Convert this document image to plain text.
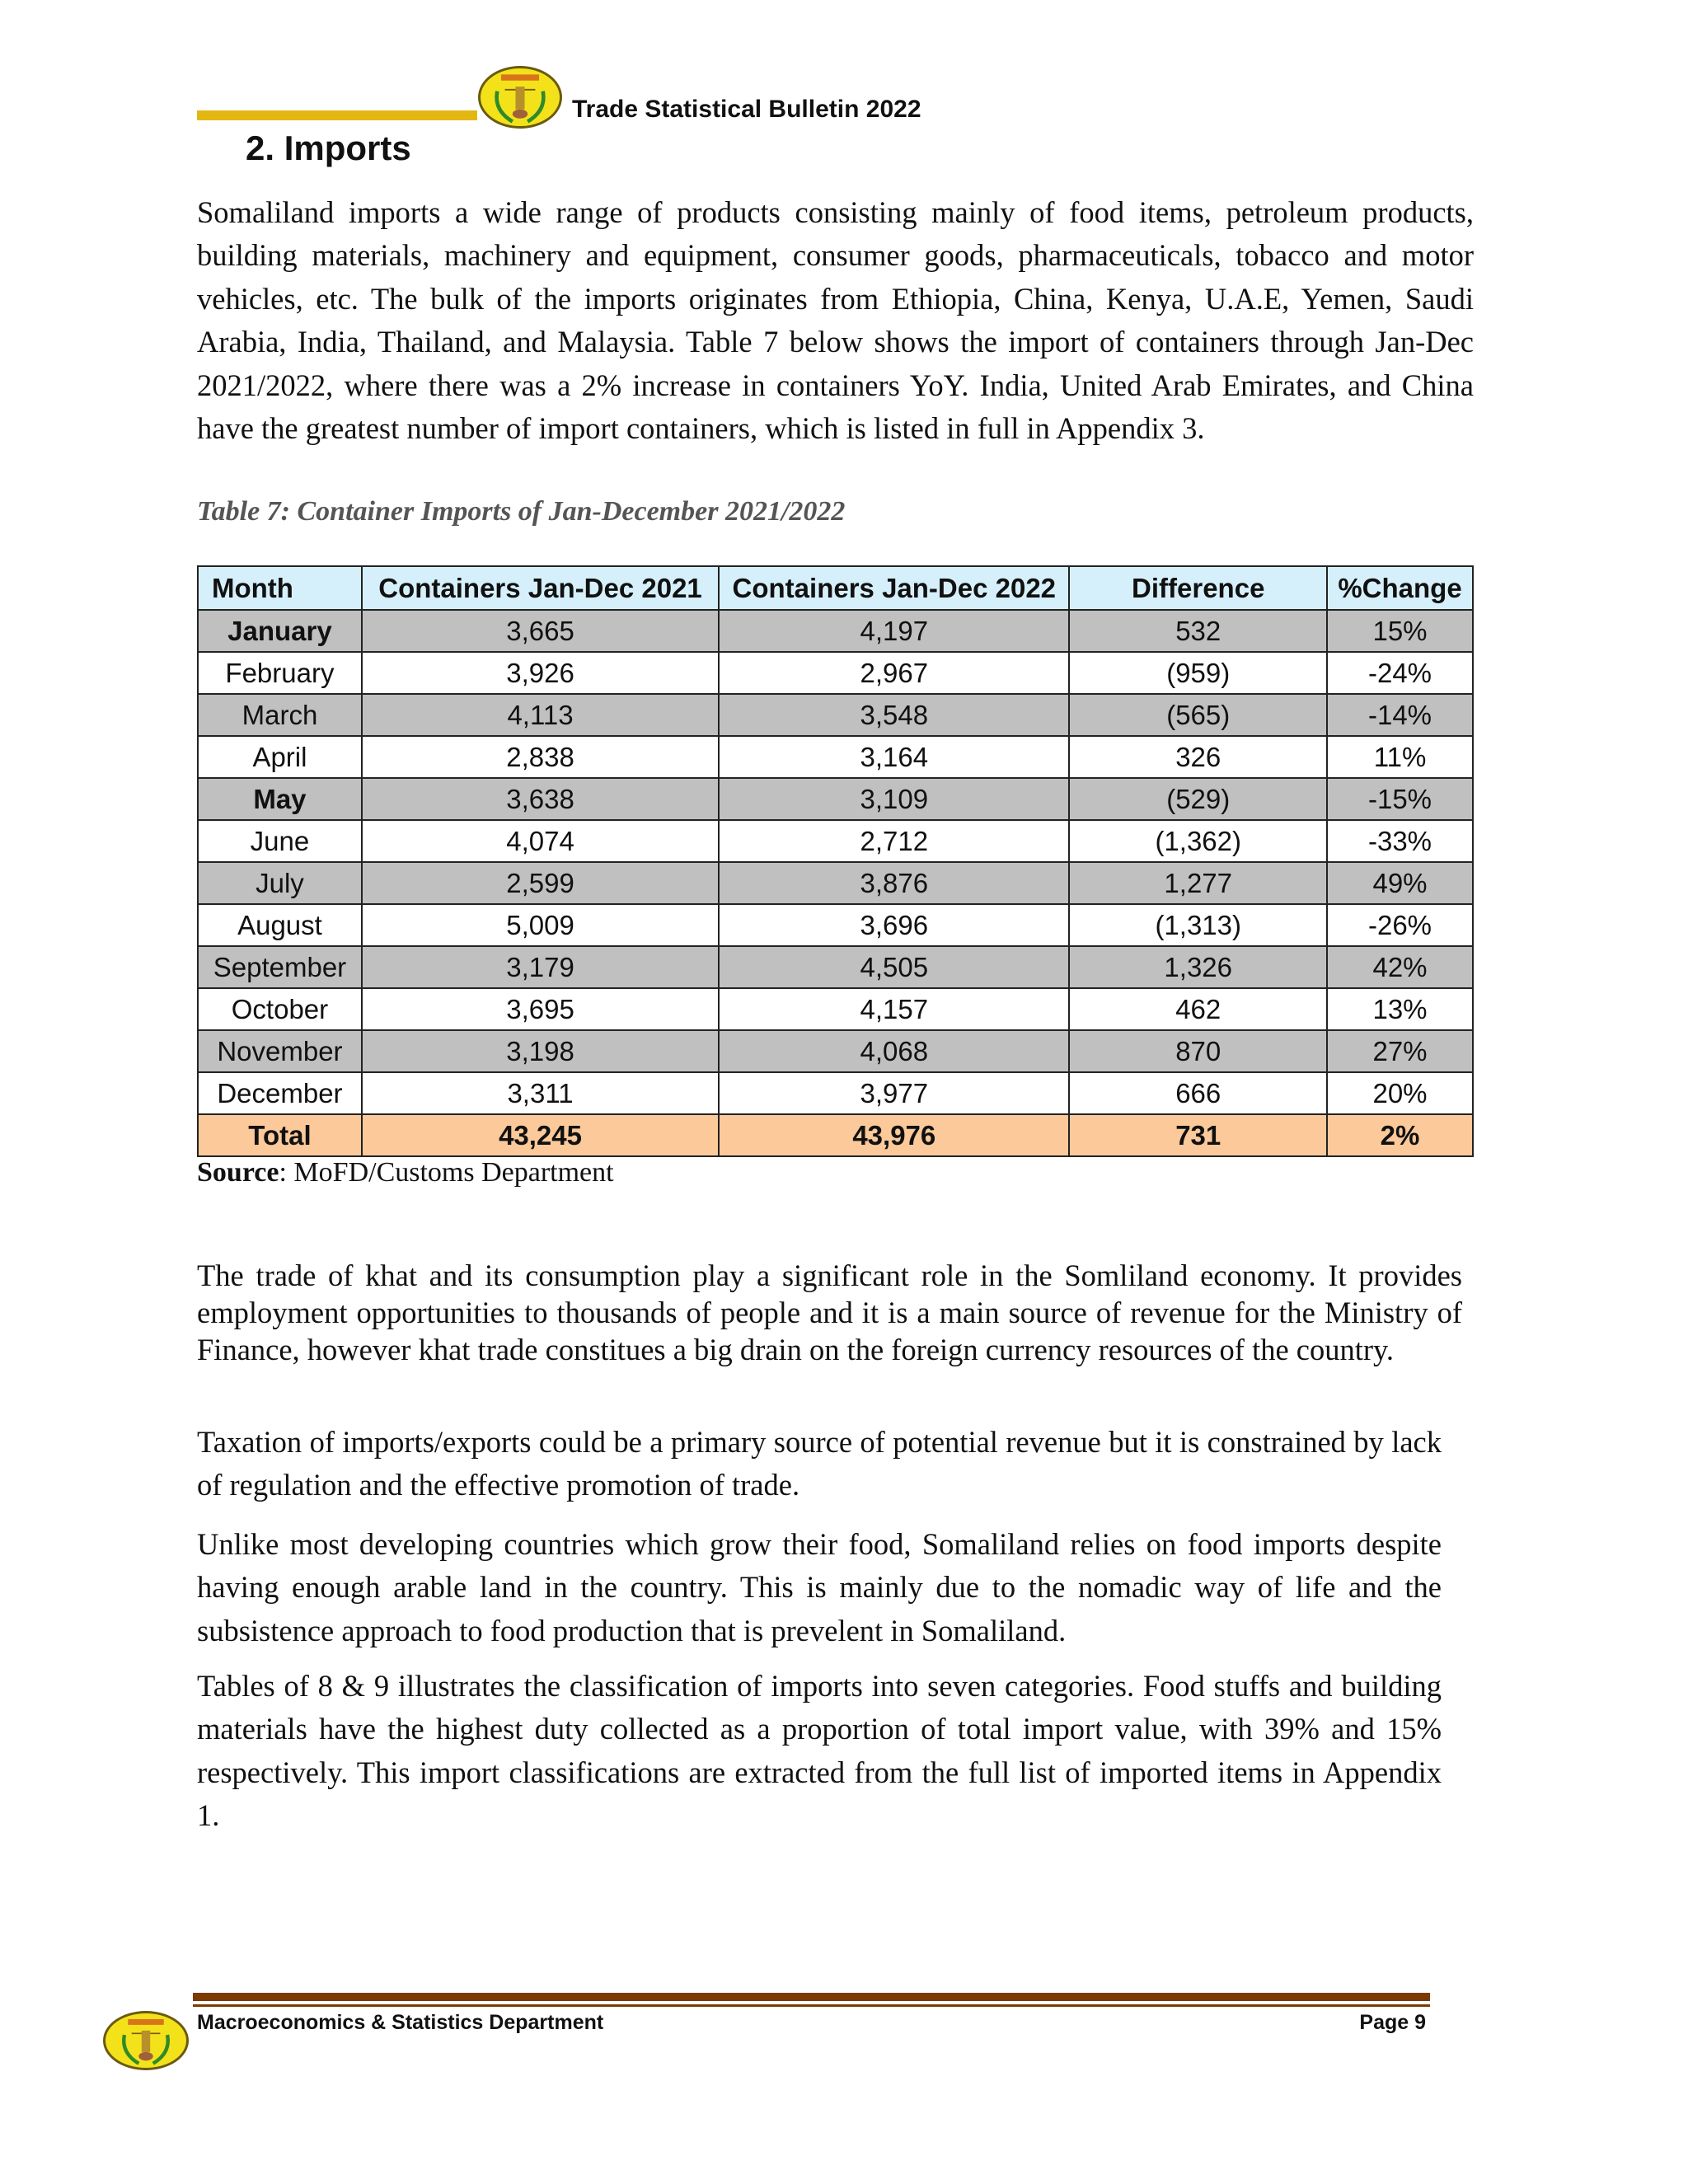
Trade Statistical Bulletin 2022
2. Imports

Somaliland imports a wide range of products consisting mainly of food items, petroleum products, building materials, machinery and equipment, consumer goods, pharmaceuticals, tobacco and motor vehicles, etc. The bulk of the imports originates from Ethiopia, China, Kenya, U.A.E, Yemen, Saudi Arabia, India, Thailand, and Malaysia. Table 7 below shows the import of containers through Jan-Dec 2021/2022, where there was a 2% increase in containers YoY. India, United Arab Emirates, and China have the greatest number of import containers, which is listed in full in Appendix 3.

Table 7: Container Imports of Jan-December 2021/2022
Month	Containers Jan-Dec 2021	Containers Jan-Dec 2022	Difference	%Change
January	3,665	4,197	532	15%
February	3,926	2,967	(959)	-24%
March	4,113	3,548	(565)	-14%
April	2,838	3,164	326	11%
May	3,638	3,109	(529)	-15%
June	4,074	2,712	(1,362)	-33%
July	2,599	3,876	1,277	49%
August	5,009	3,696	(1,313)	-26%
September	3,179	4,505	1,326	42%
October	3,695	4,157	462	13%
November	3,198	4,068	870	27%
December	3,311	3,977	666	20%
Total	43,245	43,976	731	2%
Source: MoFD/Customs Department

The trade of khat and its consumption play a significant role in the Somliland economy. It provides employment opportunities to thousands of people and it is a main source of revenue for the Ministry of Finance, however khat trade constitues a big drain on the foreign currency resources of the country.

Taxation of imports/exports could be a primary source of potential revenue but it is constrained by lack of regulation and the effective promotion of trade.

Unlike most developing countries which grow their food, Somaliland relies on food imports despite having enough arable land in the country. This is mainly due to the nomadic way of life and the subsistence approach to food production that is prevelent in Somaliland.

Tables of 8 & 9 illustrates the classification of imports into seven categories. Food stuffs and building materials have the highest duty collected as a proportion of total import value, with 39% and 15% respectively. This import classifications are extracted from the full list of imported items in Appendix 1.

Macroeconomics & Statistics Department	Page 9
